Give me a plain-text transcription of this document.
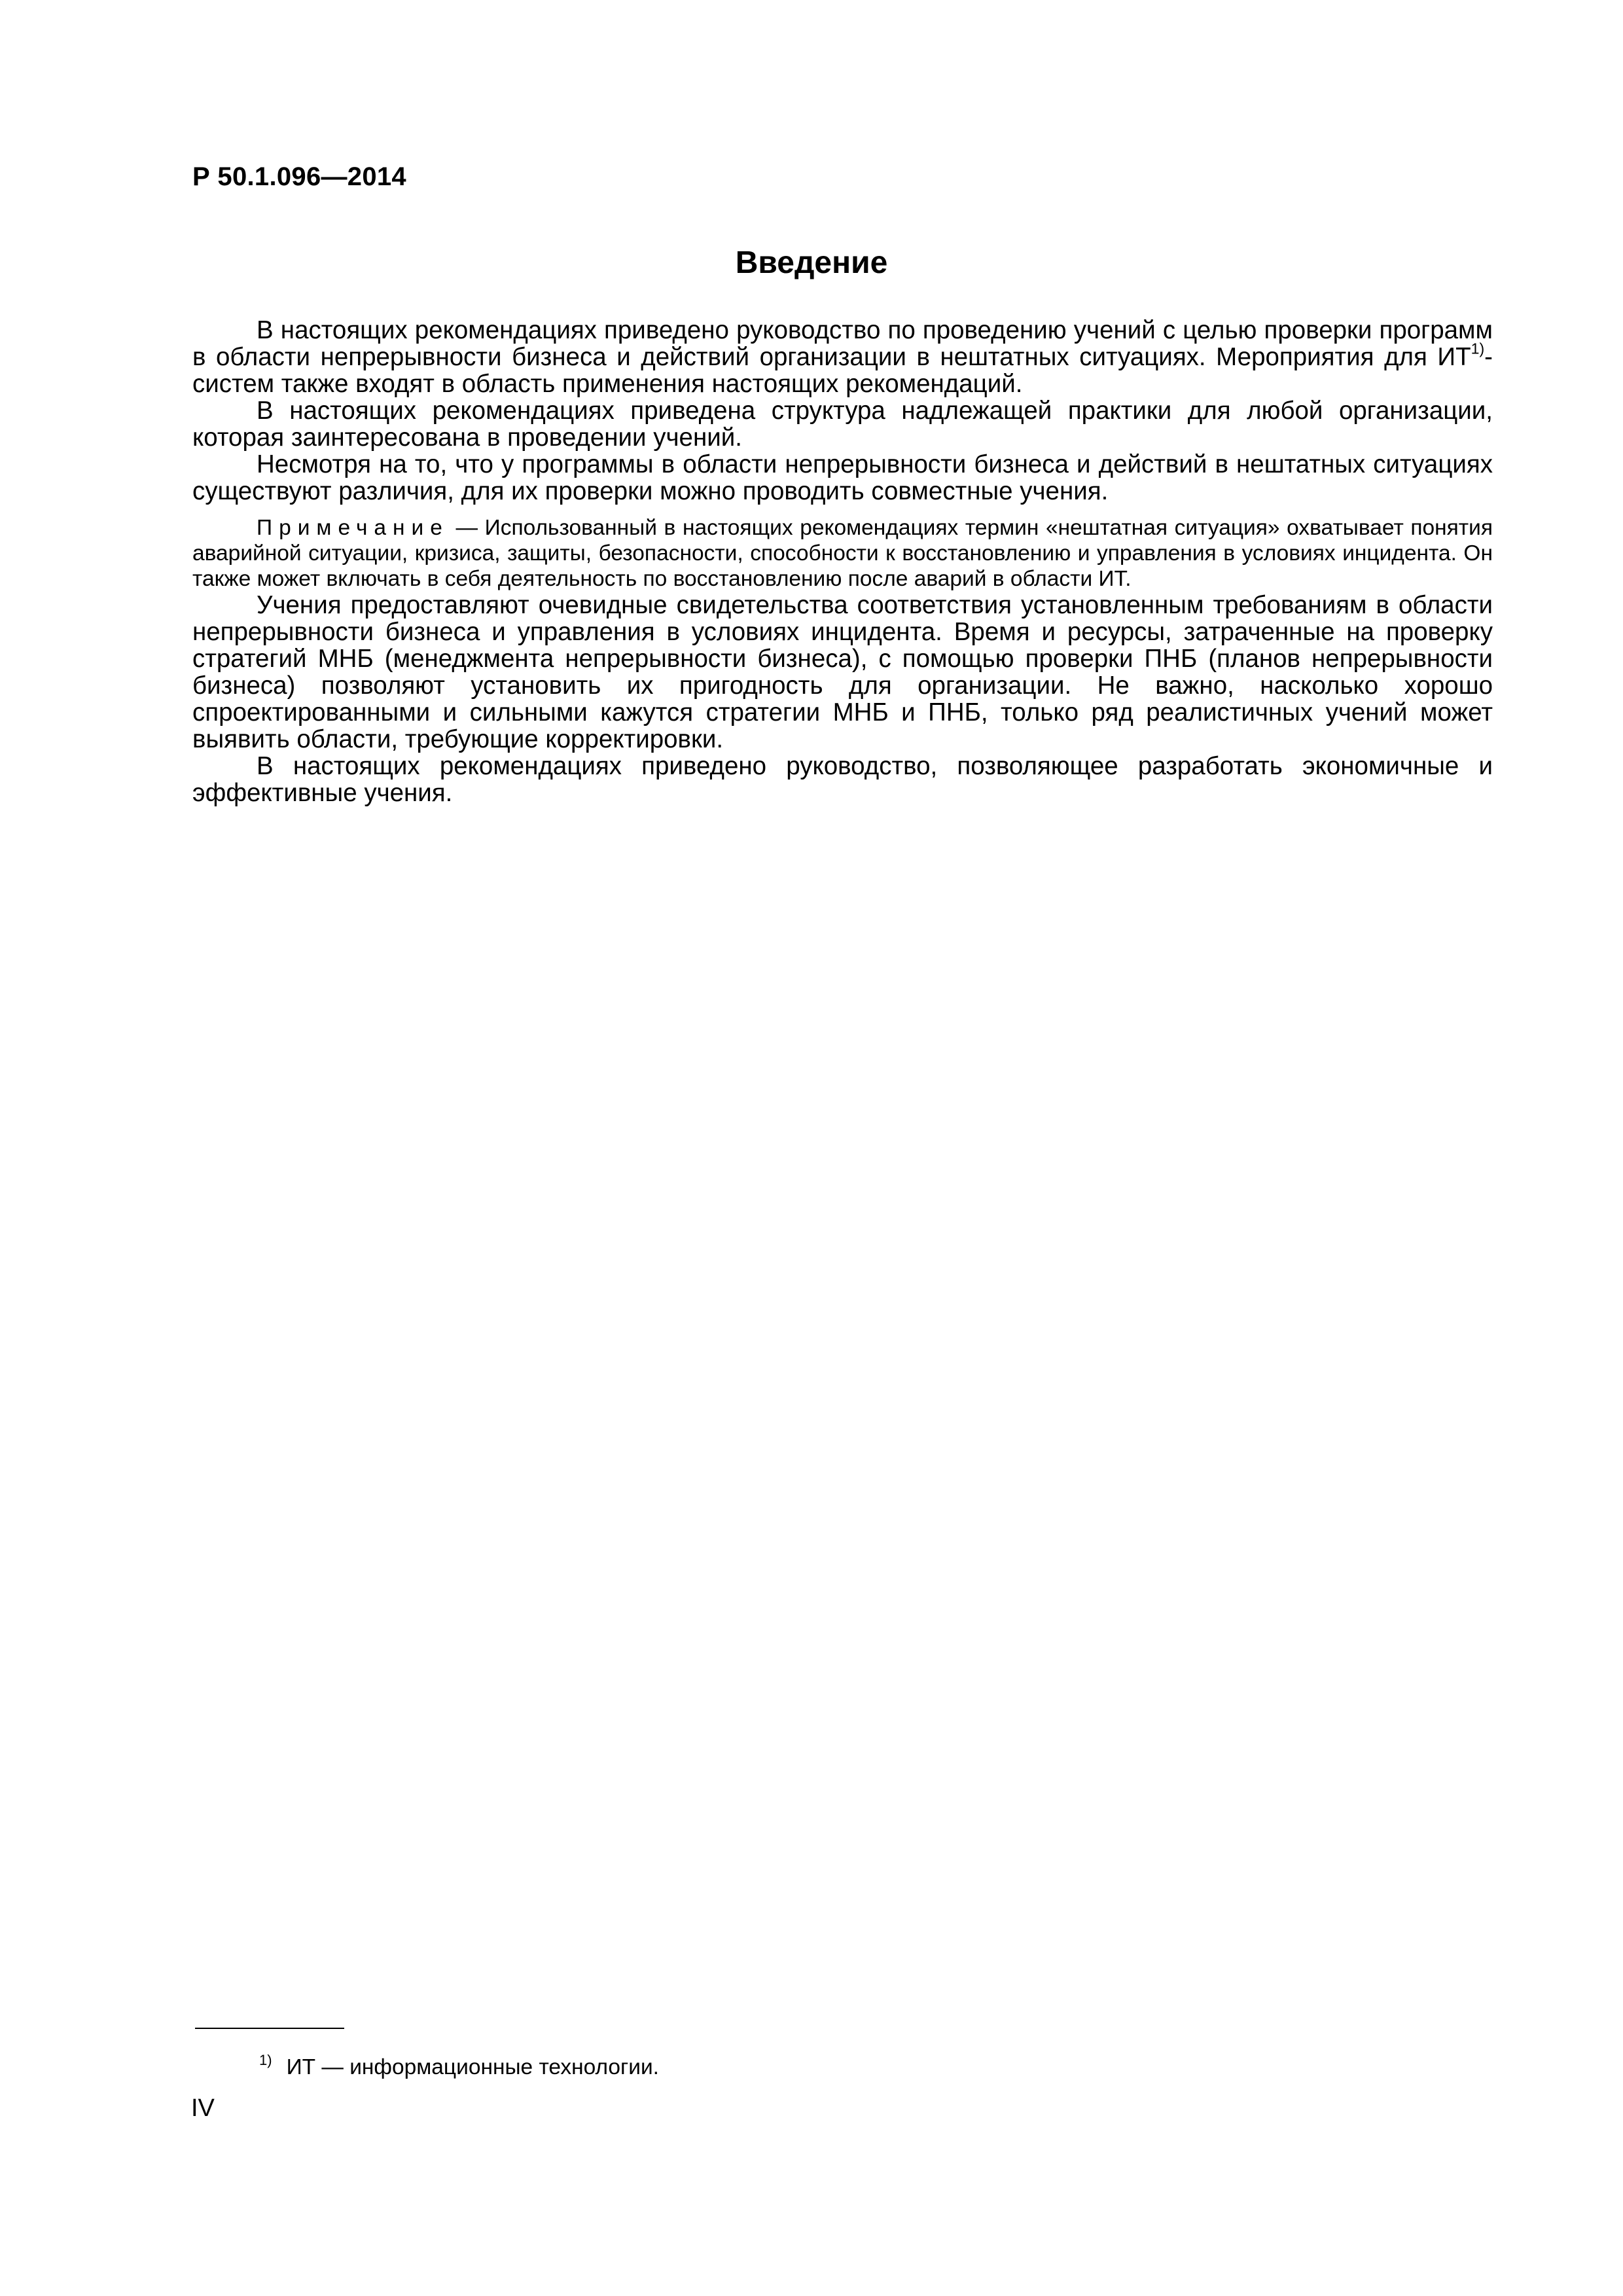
Р 50.1.096—2014
Введение

В настоящих рекомендациях приведено руководство по проведению учений с целью проверки программ в области непрерывности бизнеса и действий организации в нештатных ситуациях. Мероприятия для ИТ$^{1)}$-систем также входят в область применения настоящих рекомендаций.

В настоящих рекомендациях приведена структура надлежащей практики для любой организации, которая заинтересована в проведении учений.

Несмотря на то, что у программы в области непрерывности бизнеса и действий в нештатных ситуациях существуют различия, для их проверки можно проводить совместные учения.

Примечание — Использованный в настоящих рекомендациях термин «нештатная ситуация» охватывает понятия аварийной ситуации, кризиса, защиты, безопасности, способности к восстановлению и управления в условиях инцидента. Он также может включать в себя деятельность по восстановлению после аварий в области ИТ.

Учения предоставляют очевидные свидетельства соответствия установленным требованиям в области непрерывности бизнеса и управления в условиях инцидента. Время и ресурсы, затраченные на проверку стратегий МНБ (менеджмента непрерывности бизнеса), с помощью проверки ПНБ (планов непрерывности бизнеса) позволяют установить их пригодность для организации. Не важно, насколько хорошо спроектированными и сильными кажутся стратегии МНБ и ПНБ, только ряд реалистичных учений может выявить области, требующие корректировки.

В настоящих рекомендациях приведено руководство, позволяющее разработать экономичные и эффективные учения.

$^{1)}$ ИТ — информационные технологии.
IV
